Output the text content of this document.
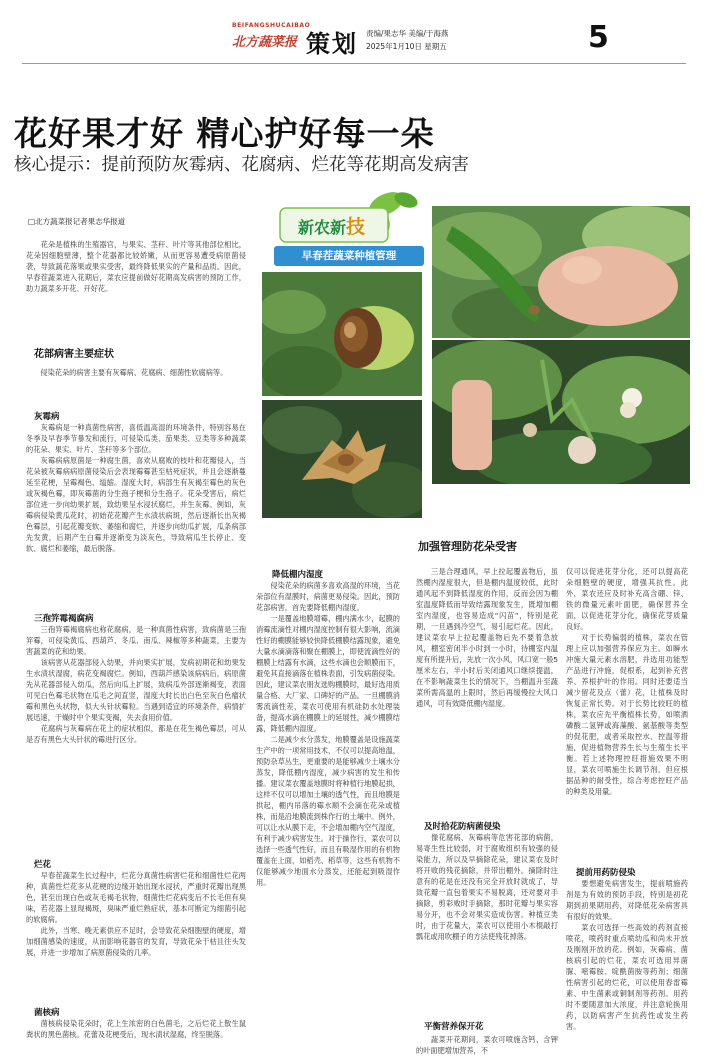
BEIFANGSHUCAIBAO
北方蔬菜报 策划 责编/果志华 美编/于海燕
2025年1月10日 星期五	5
花好果才好 精心护好每一朵
核心提示：提前预防灰霉病、花腐病、烂花等花期高发病害
□北方蔬菜报记者果志华报道
　　花朵是植株的生殖器官，与果实、茎秆、叶片等其他部位相比，花朵因细胞壁薄，整个花器都比较娇嫩，从而更容易遭受病原菌侵袭，导致蔬花落果或果实受害，最终降低果实的产量和品质。因此，早春茬蔬菜进入花期后，菜农应提前做好花期高发病害的预防工作，助力蔬菜多开花、开好花。
花部病害主要症状
　　侵染花朵的病害主要有灰霉病、花腐病、细菌性软腐病等。
灰霉病
　　灰霉病是一种真菌性病害，喜低温高湿的环境条件，特别容易在冬季及早春季节暴发和流行，可侵染瓜类、茄果类、豆类等多种蔬菜的花朵、果实、叶片、茎秆等多个部位。
　　灰霉病病原菌是一种腐生菌，喜欢从腐败的枝叶和花瓣侵入，当花朵被灰霉病病原菌侵染后会表现霉霉甚至枯死症状，并且会逐渐蔓延至花梗，呈霉褐色、缢缩。湿度大时，病部生有灰褐至霉色的灰色或灰褐色霉，即灰霉菌的分生孢子梗和分生孢子。花朵受害后，病烂部位进一步向幼果扩展，致幼果呈水浸状腐烂，并生灰霉。例如，灰霉病侵染黄瓜花时，初始花花瓣产生水渍状病斑，然后逐渐长出灰褐色霉层，引起花瓣变软、萎缩和腐烂，并逐步向幼瓜扩展，瓜条病部先发黄，后期产生白霉并逐渐变为淡灰色，导致病瓜生长停止、变软、腐烂和萎缩，最后脱落。
三孢笄霉褐腐病
　　三孢笄霉褐腐病也称花腐病，是一种真菌性病害，致病菌是三孢笄霉，可侵染黄瓜、西葫芦、冬瓜、南瓜、辣椒等多种蔬菜，主要为害蔬菜的花和幼果。
　　该病害从花器部侵入幼果，并向果实扩展，发病初期花和幼果发生水渍状湿腐，病花变褐腐烂。例如，西葫芦感染该病病后，病原菌先从花器部侵入幼瓜，然后向瓜上扩展，致病瓜外部逐渐褐变，表面可见白色霉毛状物在瓜毛之间直竖，湿度大时长出白色至灰白色瘤状霉和黑色头状物，似大头针状霉粒。当遇到适宜的环境条件，病情扩展迅速，干燥时中个果实变褐，失去食用价值。
　　花腐病与灰霉病在花上的症状相似，都是在花生褐色霉层，可从是否有黑色大头针状的霉进行区分。
烂花
　　早春茬蔬菜生长过程中，烂花分真菌性病害烂花和细菌性烂花两种，真菌性烂花多从花梗的边缘开始出现水浸状，严重时花瓣出现黑色，甚至出现白色或灰毛褐毛状物，细菌性烂花病变后不长毛但有臭味，若花器上显现褐斑，臭味严重烂熟症状，基本可断定为细菌引起的软腐病。
　　此外，当寒、晚无素供应不足时，会导致花朵细胞壁的硬度，增加细菌感染的速度，从而影响花器官的发育，导致花朵干枯且往头发展，并进一步增加了病原菌侵染的几率。
菌核病
　　菌核病侵染花朵时，花上生浓密的白色菌毛，之后烂花上散生鼠粪状的黑色菌核。花蕾及花梗受后，现水渍状湿腐，终至脱落。
新农新技
早春茬蔬菜种植管理
加强管理防花朵受害
降低棚内湿度
　　侵染花朵的病菌多喜欢高湿的环境，当花朵部位有湿膜时，病菌更易侵染。因此，预防花部病害，首先要降低棚内湿度。
　　一是覆盖地膜增霉，棚内满水少，起膜的消霉流滴性对棚内湿度控制有很大影响，流滴性好的棚膜能够较快降低棚膜结露现象，避免大量水滴滴落和聚在棚膜上，即使流滴性好的棚膜上结露有水滴，这些水滴也会顺膜而下，避免其直接滴落在植株表面，引发病菌侵染。因此，建议菜农朋友选购棚膜时，最好选用质量合格、大厂家、口碑好的产品。一旦棚膜消雾流滴性差，菜农可使用有机硅防水处理装备，提高水滴在棚膜上的延展性，减少棚膜结露，降低棚内湿度。
　　二是减少水分蒸发，地膜覆盖是设施蔬菜生产中的一项常用技术，不仅可以提高地温，预防杂草丛生，更重要的是能够减少土壤水分蒸发，降低棚内湿度，减少病害的发生和传播。建议菜农覆盖地膜时将种植行地膜起拱，这样不仅可以增加土壤的透气性，而且地膜是拱起，棚内吊落的霉水顺不会滴在花朵或植株，而是沿地膜流到株作行的土壤中。例外，可以让水从膜下走，不会增加棚内空气湿度，有利于减少病害发生。对于操作行，菜农可以选择一些透气性好，而且有吸湿作用的有机物覆盖在上面，如稻壳、稻草等，这些有机物不仅能够减少地面水分蒸发，还能起到吸湿作用。
　　三是合理通风，早上拉起覆盖物后，虽然棚内湿度很大，但是棚内温度较低，此时通风起不到降低湿度的作用，反而会因为棚室温度降低而导致结露现象发生，既增加棚室内湿度，也容易造成“闪苗”，特别是花期，一旦遇到冷空气，易引起烂花。因此，建议菜农早上拉起覆盖物后先不要着急放风，棚室密闭半小时到一小时，待棚室内温度有所提升后，先放一次小风，风口宽一般5厘米左右，半小时后关闭通风口继续提温，在不影响蔬菜生长的情况下，当棚温升至蔬菜所需高温的上限时，然后再缓慢拉大风口通风，可有效降低棚内湿度。
及时拾花防病菌侵染
　　像花腐病、灰霉病等危害花部的病菌，易寄生性比较弱，对于腐败组织有较强的侵染能力，所以及早摘除花朵，建议菜农及时将开败的残花摘除，并带出棚外。摘除时注意有的花是在还没有完全开放时就成了，导致花瓣一直包着果实不易脱离，还对要对手摘除，剪彩败时手摘除，那时花瓣与果实容易分开，也不会对果实造成伤害。种植豆类时，由于花量大，菜农可以使用小木棍敲打瓢花或用吹棚子的方法使残花掉落。
平衡营养保开花
　　蔬菜开花期间，菜农可喷施含钙、含钾的叶面肥增加营养，不
仅可以促进花芽分化，还可以提高花朵细胞壁的硬度，增强其抗性。此外，菜农还应及时补充高含硼、锌、铁的微量元素叶面肥，确保营养全面，以促进花芽分化，确保花芽质量良好。
　　对于长势偏弱的植株，菜农在管理上应以加强营养保应为主。如瞬水冲施大量元素水溶肥，并选用功能型产品进行冲施，促根系，起到补充营养、养根护叶的作用。同时还要适当减少留花及点（蕾）花，让植株及时恢复正常长势。对于长势比较旺的植株，菜农应先平衡植株长势，如喷洒磷酸二氢钾或海藻酸、氨基酸等类型的促花肥，或者采取控水、控温等措施，促进植物营养生长与生殖生长平衡。若上述物理控旺措施效果不明显，菜农可喷施生长调节剂，但应根据品种的耐受性，综合考虑控旺产品的种类及用量。
提前用药防侵染
　　要想避免病害发生，提前喷施药剂是为有效的预防手段，特别是初花期到初果期用药，对降低花朵病害具有很好的效果。
　　菜农可选择一些高效的药剂直接喷花，喷药时重点喷幼瓜和尚未开放及刚刚开放的花。例如，灰霉病、菌核病引起的烂花，菜农可选用异菌脲、嘧霉胺、啶酰菌胺等药剂；细菌性病害引起的烂花，可以使用春雷霉素、中生菌素或铜制剂等药剂。用药时不要随意加大浓度，并注意轮换用药，以防病害产生抗药性或发生药害。
